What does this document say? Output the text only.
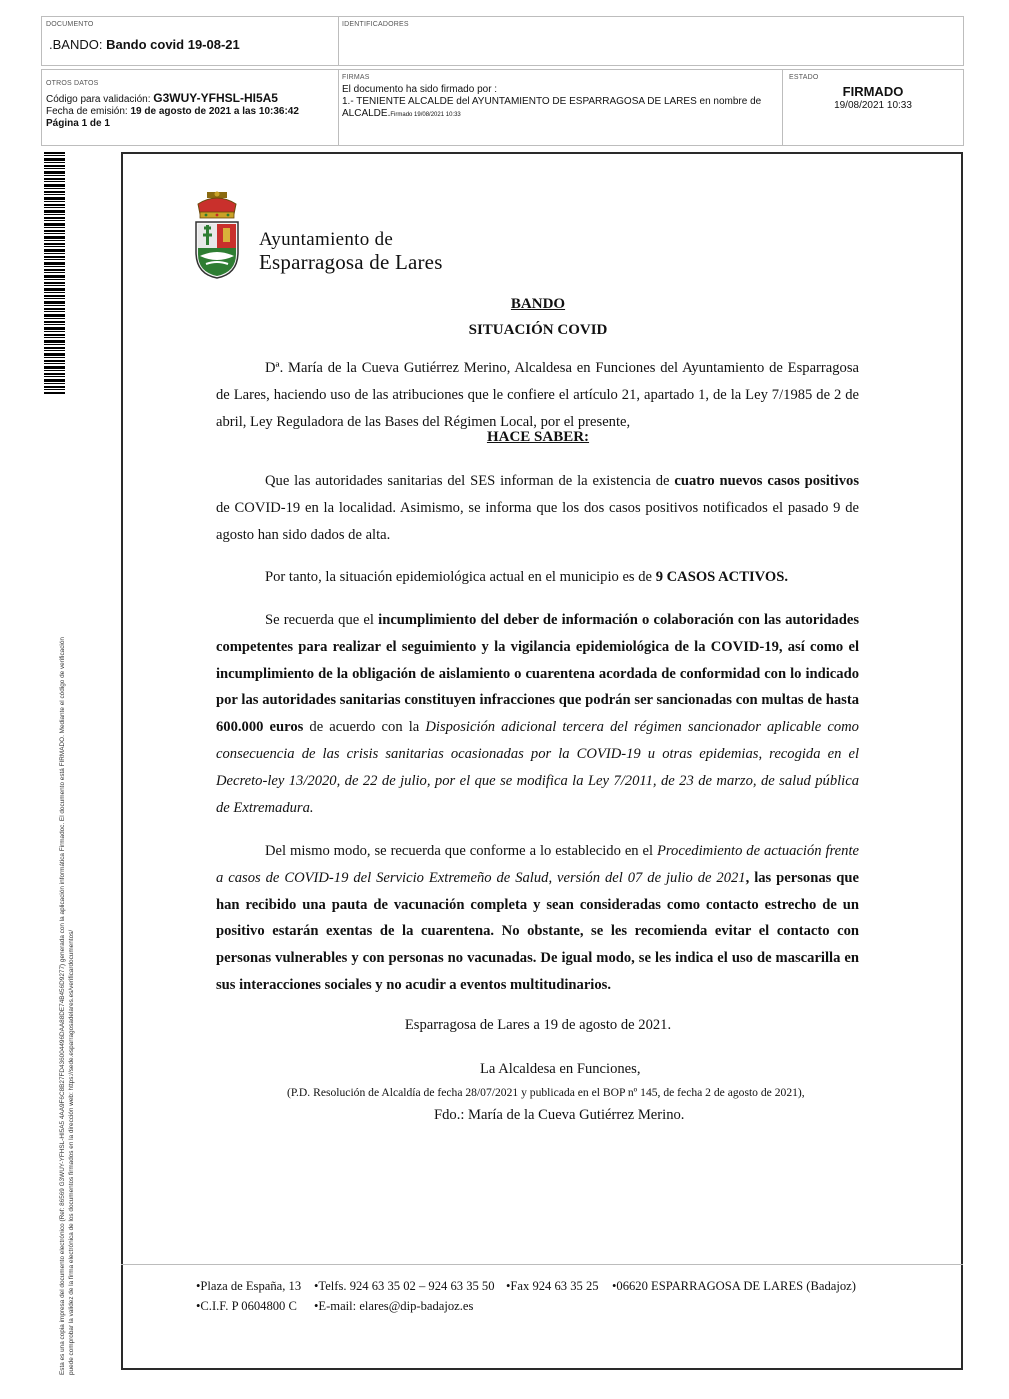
DOCUMENTO
.BANDO: Bando covid 19-08-21
IDENTIFICADORES
OTROS DATOS
Código para validación: G3WUY-YFHSL-HI5A5
Fecha de emisión: 19 de agosto de 2021 a las 10:36:42
Página 1 de 1
FIRMAS
El documento ha sido firmado por :
1.- TENIENTE ALCALDE del AYUNTAMIENTO DE ESPARRAGOSA DE LARES en nombre de
ALCALDE.Firmado 19/08/2021 10:33
ESTADO
FIRMADO
19/08/2021 10:33
Esta es una copia impresa del documento electrónico (Ref: 86569 G3WUY-YFHSL-HI5A5 4AA9F6C8B27FD436004496DAA88DE74B456D9277) generada con la aplicación informática Firmadoc. El documento está FIRMADO. Mediante el código de verificación puede comprobar la validez de la firma electrónica de los documentos firmados en la dirección web: https://sede.esparragosadelares.es/verificardocumentos/
Ayuntamiento de
Esparragosa de Lares
BANDO
SITUACIÓN COVID
Dª. María de la Cueva Gutiérrez Merino, Alcaldesa en Funciones del Ayuntamiento de Esparragosa de Lares, haciendo uso de las atribuciones que le confiere el artículo 21, apartado 1, de la Ley 7/1985 de 2 de abril, Ley Reguladora de las Bases del Régimen Local, por el presente,
HACE SABER:
Que las autoridades sanitarias del SES informan de la existencia de cuatro nuevos casos positivos de COVID-19 en la localidad. Asimismo, se informa que los dos casos positivos notificados el pasado 9 de agosto han sido dados de alta.
Por tanto, la situación epidemiológica actual en el municipio es de 9 CASOS ACTIVOS.
Se recuerda que el incumplimiento del deber de información o colaboración con las autoridades competentes para realizar el seguimiento y la vigilancia epidemiológica de la COVID-19, así como el incumplimiento de la obligación de aislamiento o cuarentena acordada de conformidad con lo indicado por las autoridades sanitarias constituyen infracciones que podrán ser sancionadas con multas de hasta 600.000 euros de acuerdo con la Disposición adicional tercera del régimen sancionador aplicable como consecuencia de las crisis sanitarias ocasionadas por la COVID-19 u otras epidemias, recogida en el Decreto-ley 13/2020, de 22 de julio, por el que se modifica la Ley 7/2011, de 23 de marzo, de salud pública de Extremadura.
Del mismo modo, se recuerda que conforme a lo establecido en el Procedimiento de actuación frente a casos de COVID-19 del Servicio Extremeño de Salud, versión del 07 de julio de 2021, las personas que han recibido una pauta de vacunación completa y sean consideradas como contacto estrecho de un positivo estarán exentas de la cuarentena. No obstante, se les recomienda evitar el contacto con personas vulnerables y con personas no vacunadas. De igual modo, se les indica el uso de mascarilla en sus interacciones sociales y no acudir a eventos multitudinarios.
Esparragosa de Lares a 19 de agosto de 2021.
La Alcaldesa en Funciones,
(P.D. Resolución de Alcaldía de fecha 28/07/2021 y publicada en el BOP nº 145, de fecha 2 de agosto de 2021),
Fdo.: María de la Cueva Gutiérrez Merino.
•Plaza de España, 13 •Telfs. 924 63 35 02 – 924 63 35 50 •Fax 924 63 35 25 •06620 ESPARRAGOSA DE LARES (Badajoz)
•C.I.F. P 0604800 C •E-mail: elares@dip-badajoz.es
